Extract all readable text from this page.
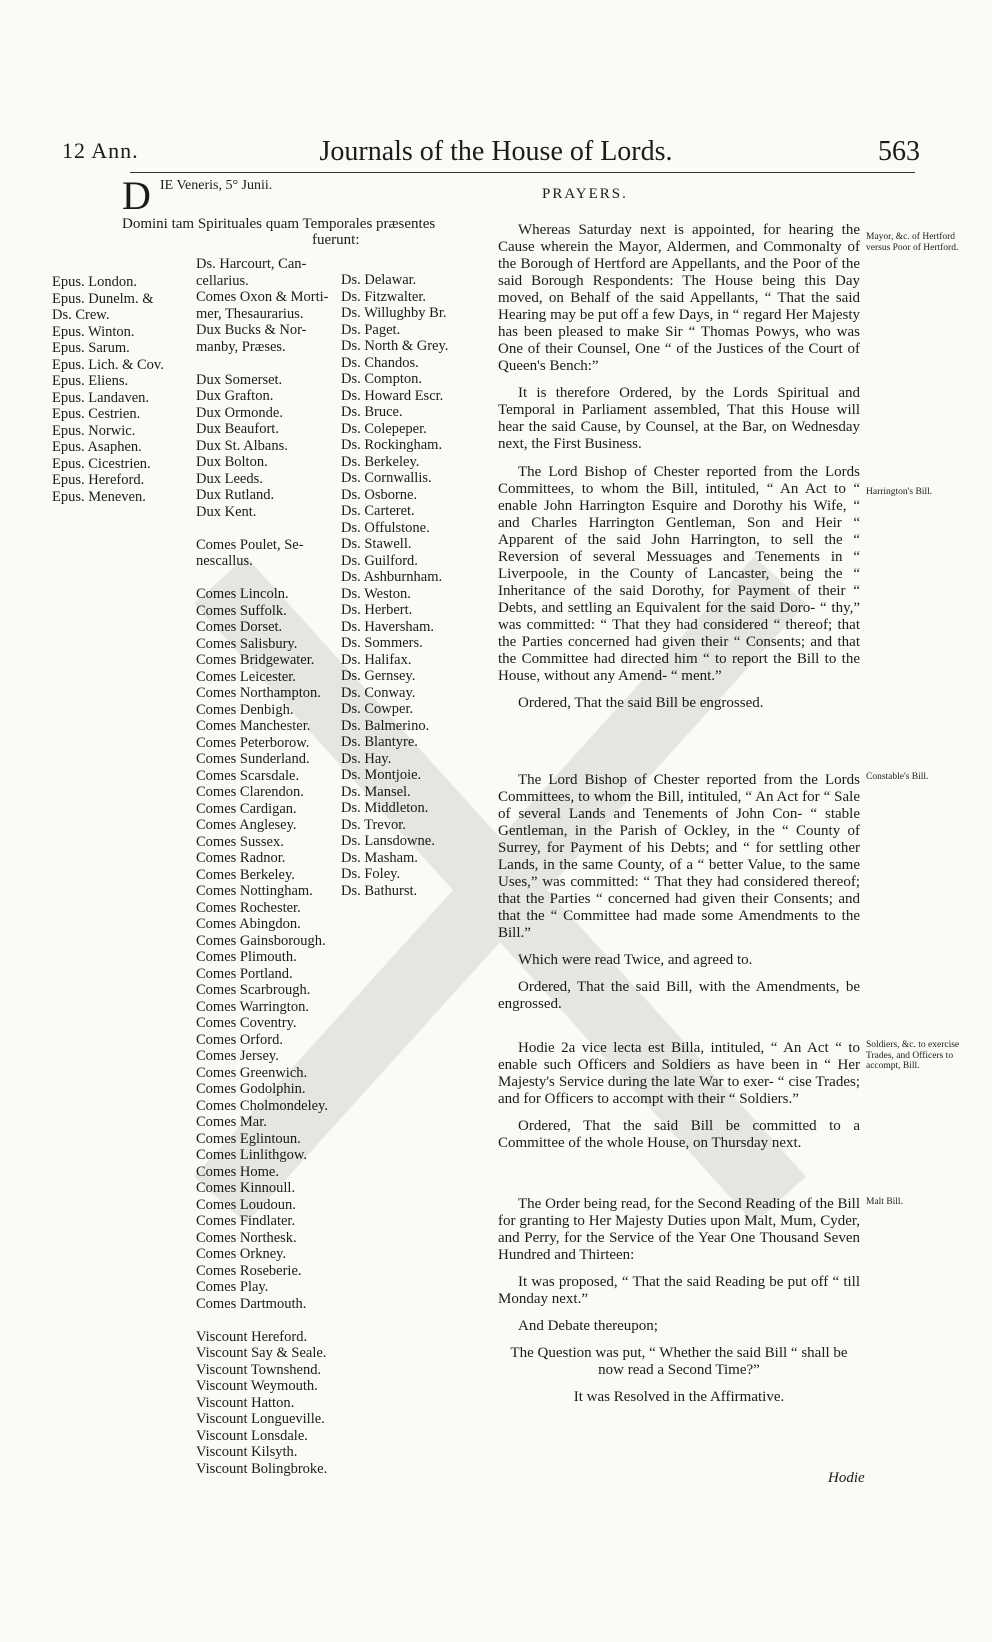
12 Ann.	Journals of the House of Lords.	563
D IE Veneris, 5° Junii.
Domini tam Spirituales quam Temporales præsentes
fuerunt:
Epus. London.
Epus. Dunelm. &
Ds. Crew.
Epus. Winton.
Epus. Sarum.
Epus. Lich. & Cov.
Epus. Eliens.
Epus. Landaven.
Epus. Cestrien.
Epus. Norwic.
Epus. Asaphen.
Epus. Cicestrien.
Epus. Hereford.
Epus. Meneven.
Ds. Harcourt, Can-
cellarius.
Comes Oxon & Morti-
mer, Thesaurarius.
Dux Bucks & Nor-
manby, Præses.
Dux Somerset.
Dux Grafton.
Dux Ormonde.
Dux Beaufort.
Dux St. Albans.
Dux Bolton.
Dux Leeds.
Dux Rutland.
Dux Kent.
Comes Poulet, Se-
nescallus.
Comes Lincoln.
Comes Suffolk.
Comes Dorset.
Comes Salisbury.
Comes Bridgewater.
Comes Leicester.
Comes Northampton.
Comes Denbigh.
Comes Manchester.
Comes Peterborow.
Comes Sunderland.
Comes Scarsdale.
Comes Clarendon.
Comes Cardigan.
Comes Anglesey.
Comes Sussex.
Comes Radnor.
Comes Berkeley.
Comes Nottingham.
Comes Rochester.
Comes Abingdon.
Comes Gainsborough.
Comes Plimouth.
Comes Portland.
Comes Scarbrough.
Comes Warrington.
Comes Coventry.
Comes Orford.
Comes Jersey.
Comes Greenwich.
Comes Godolphin.
Comes Cholmondeley.
Comes Mar.
Comes Eglintoun.
Comes Linlithgow.
Comes Home.
Comes Kinnoull.
Comes Loudoun.
Comes Findlater.
Comes Northesk.
Comes Orkney.
Comes Roseberie.
Comes Play.
Comes Dartmouth.
Viscount Hereford.
Viscount Say & Seale.
Viscount Townshend.
Viscount Weymouth.
Viscount Hatton.
Viscount Longueville.
Viscount Lonsdale.
Viscount Kilsyth.
Viscount Bolingbroke.
Ds. Delawar.
Ds. Fitzwalter.
Ds. Willughby Br.
Ds. Paget.
Ds. North & Grey.
Ds. Chandos.
Ds. Compton.
Ds. Howard Escr.
Ds. Bruce.
Ds. Colepeper.
Ds. Rockingham.
Ds. Berkeley.
Ds. Cornwallis.
Ds. Osborne.
Ds. Carteret.
Ds. Offulstone.
Ds. Stawell.
Ds. Guilford.
Ds. Ashburnham.
Ds. Weston.
Ds. Herbert.
Ds. Haversham.
Ds. Sommers.
Ds. Halifax.
Ds. Gernsey.
Ds. Conway.
Ds. Cowper.
Ds. Balmerino.
Ds. Blantyre.
Ds. Hay.
Ds. Montjoie.
Ds. Mansel.
Ds. Middleton.
Ds. Trevor.
Ds. Lansdowne.
Ds. Masham.
Ds. Foley.
Ds. Bathurst.
PRAYERS.

Whereas Saturday next is appointed, for hearing the Cause wherein the Mayor, Aldermen, and Commonalty of the Borough of Hertford are Appellants, and the Poor of the said Borough Respondents: The House being this Day moved, on Behalf of the said Appellants, “ That the said Hearing may be put off a few Days, in “ regard Her Majesty has been pleased to make Sir “ Thomas Powys, who was One of their Counsel, One “ of the Justices of the Court of Queen's Bench:”

It is therefore Ordered, by the Lords Spiritual and Temporal in Parliament assembled, That this House will hear the said Cause, by Counsel, at the Bar, on Wednesday next, the First Business.

The Lord Bishop of Chester reported from the Lords Committees, to whom the Bill, intituled, “ An Act to “ enable John Harrington Esquire and Dorothy his Wife, “ and Charles Harrington Gentleman, Son and Heir “ Apparent of the said John Harrington, to sell the “ Reversion of several Messuages and Tenements in “ Liverpoole, in the County of Lancaster, being the “ Inheritance of the said Dorothy, for Payment of their “ Debts, and settling an Equivalent for the said Doro- “ thy,” was committed: “ That they had considered “ thereof; that the Parties concerned had given their “ Consents; and that the Committee had directed him “ to report the Bill to the House, without any Amend- “ ment.”

Ordered, That the said Bill be engrossed.

The Lord Bishop of Chester reported from the Lords Committees, to whom the Bill, intituled, “ An Act for “ Sale of several Lands and Tenements of John Con- “ stable Gentleman, in the Parish of Ockley, in the “ County of Surrey, for Payment of his Debts; and “ for settling other Lands, in the same County, of a “ better Value, to the same Uses,” was committed: “ That they had considered thereof; that the Parties “ concerned had given their Consents; and that the “ Committee had made some Amendments to the Bill.”

Which were read Twice, and agreed to.

Ordered, That the said Bill, with the Amendments, be engrossed.

Hodie 2a vice lecta est Billa, intituled, “ An Act “ to enable such Officers and Soldiers as have been in “ Her Majesty's Service during the late War to exer- “ cise Trades; and for Officers to accompt with their “ Soldiers.”

Ordered, That the said Bill be committed to a Committee of the whole House, on Thursday next.

The Order being read, for the Second Reading of the Bill for granting to Her Majesty Duties upon Malt, Mum, Cyder, and Perry, for the Service of the Year One Thousand Seven Hundred and Thirteen:

It was proposed, “ That the said Reading be put off “ till Monday next.”

And Debate thereupon;

The Question was put, “ Whether the said Bill “ shall be now read a Second Time?”

It was Resolved in the Affirmative.

Mayor, &c. of Hertford versus Poor of Hertford.
Harrington's Bill.
Constable's Bill.
Soldiers, &c. to exercise Trades, and Officers to accompt, Bill.
Malt Bill.
Hodie
